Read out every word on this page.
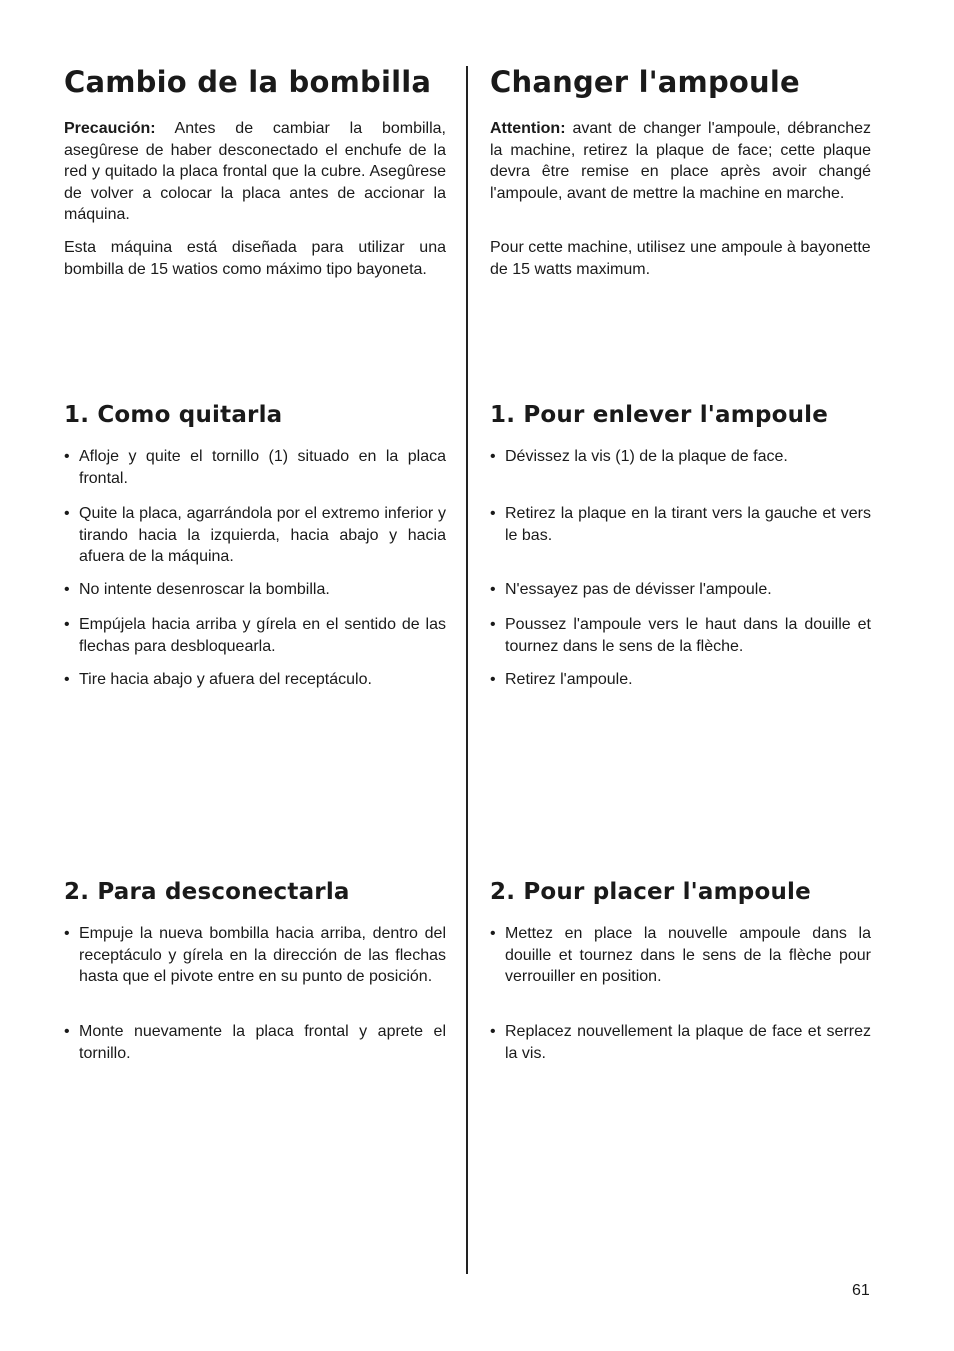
Cambio de la bombilla

Precaución: Antes de cambiar la bombilla, asegûrese de haber desconectado el enchufe de la red y quitado la placa frontal que la cubre. Asegûrese de volver a colocar la placa antes de accionar la máquina.

Esta máquina está diseñada para utilizar una bombilla de 15 watios como máximo tipo bayoneta.

1. Como quitarla
• Afloje y quite el tornillo (1) situado en la placa frontal.
• Quite la placa, agarrándola por el extremo inferior y tirando hacia la izquierda, hacia abajo y hacia afuera de la máquina.
• No intente desenroscar la bombilla.
• Empújela hacia arriba y gírela en el sentido de las flechas para desbloquearla.
• Tire hacia abajo y afuera del receptáculo.
2. Para desconectarla
• Empuje la nueva bombilla hacia arriba, dentro del receptáculo y gírela en la dirección de las flechas hasta que el pivote entre en su punto de posición.
• Monte nuevamente la placa frontal y aprete el tornillo.
Changer l'ampoule

Attention: avant de changer l'ampoule, débranchez la machine, retirez la plaque de face; cette plaque devra être remise en place après avoir changé l'ampoule, avant de mettre la machine en marche.

Pour cette machine, utilisez une ampoule à bayonette de 15 watts maximum.

1. Pour enlever l'ampoule
• Dévissez la vis (1) de la plaque de face.
• Retirez la plaque en la tirant vers la gauche et vers le bas.
• N'essayez pas de dévisser l'ampoule.
• Poussez l'ampoule vers le haut dans la douille et tournez dans le sens de la flèche.
• Retirez l'ampoule.
2. Pour placer l'ampoule
• Mettez en place la nouvelle ampoule dans la douille et tournez dans le sens de la flèche pour verrouiller en position.
• Replacez nouvellement la plaque de face et serrez la vis.
61
